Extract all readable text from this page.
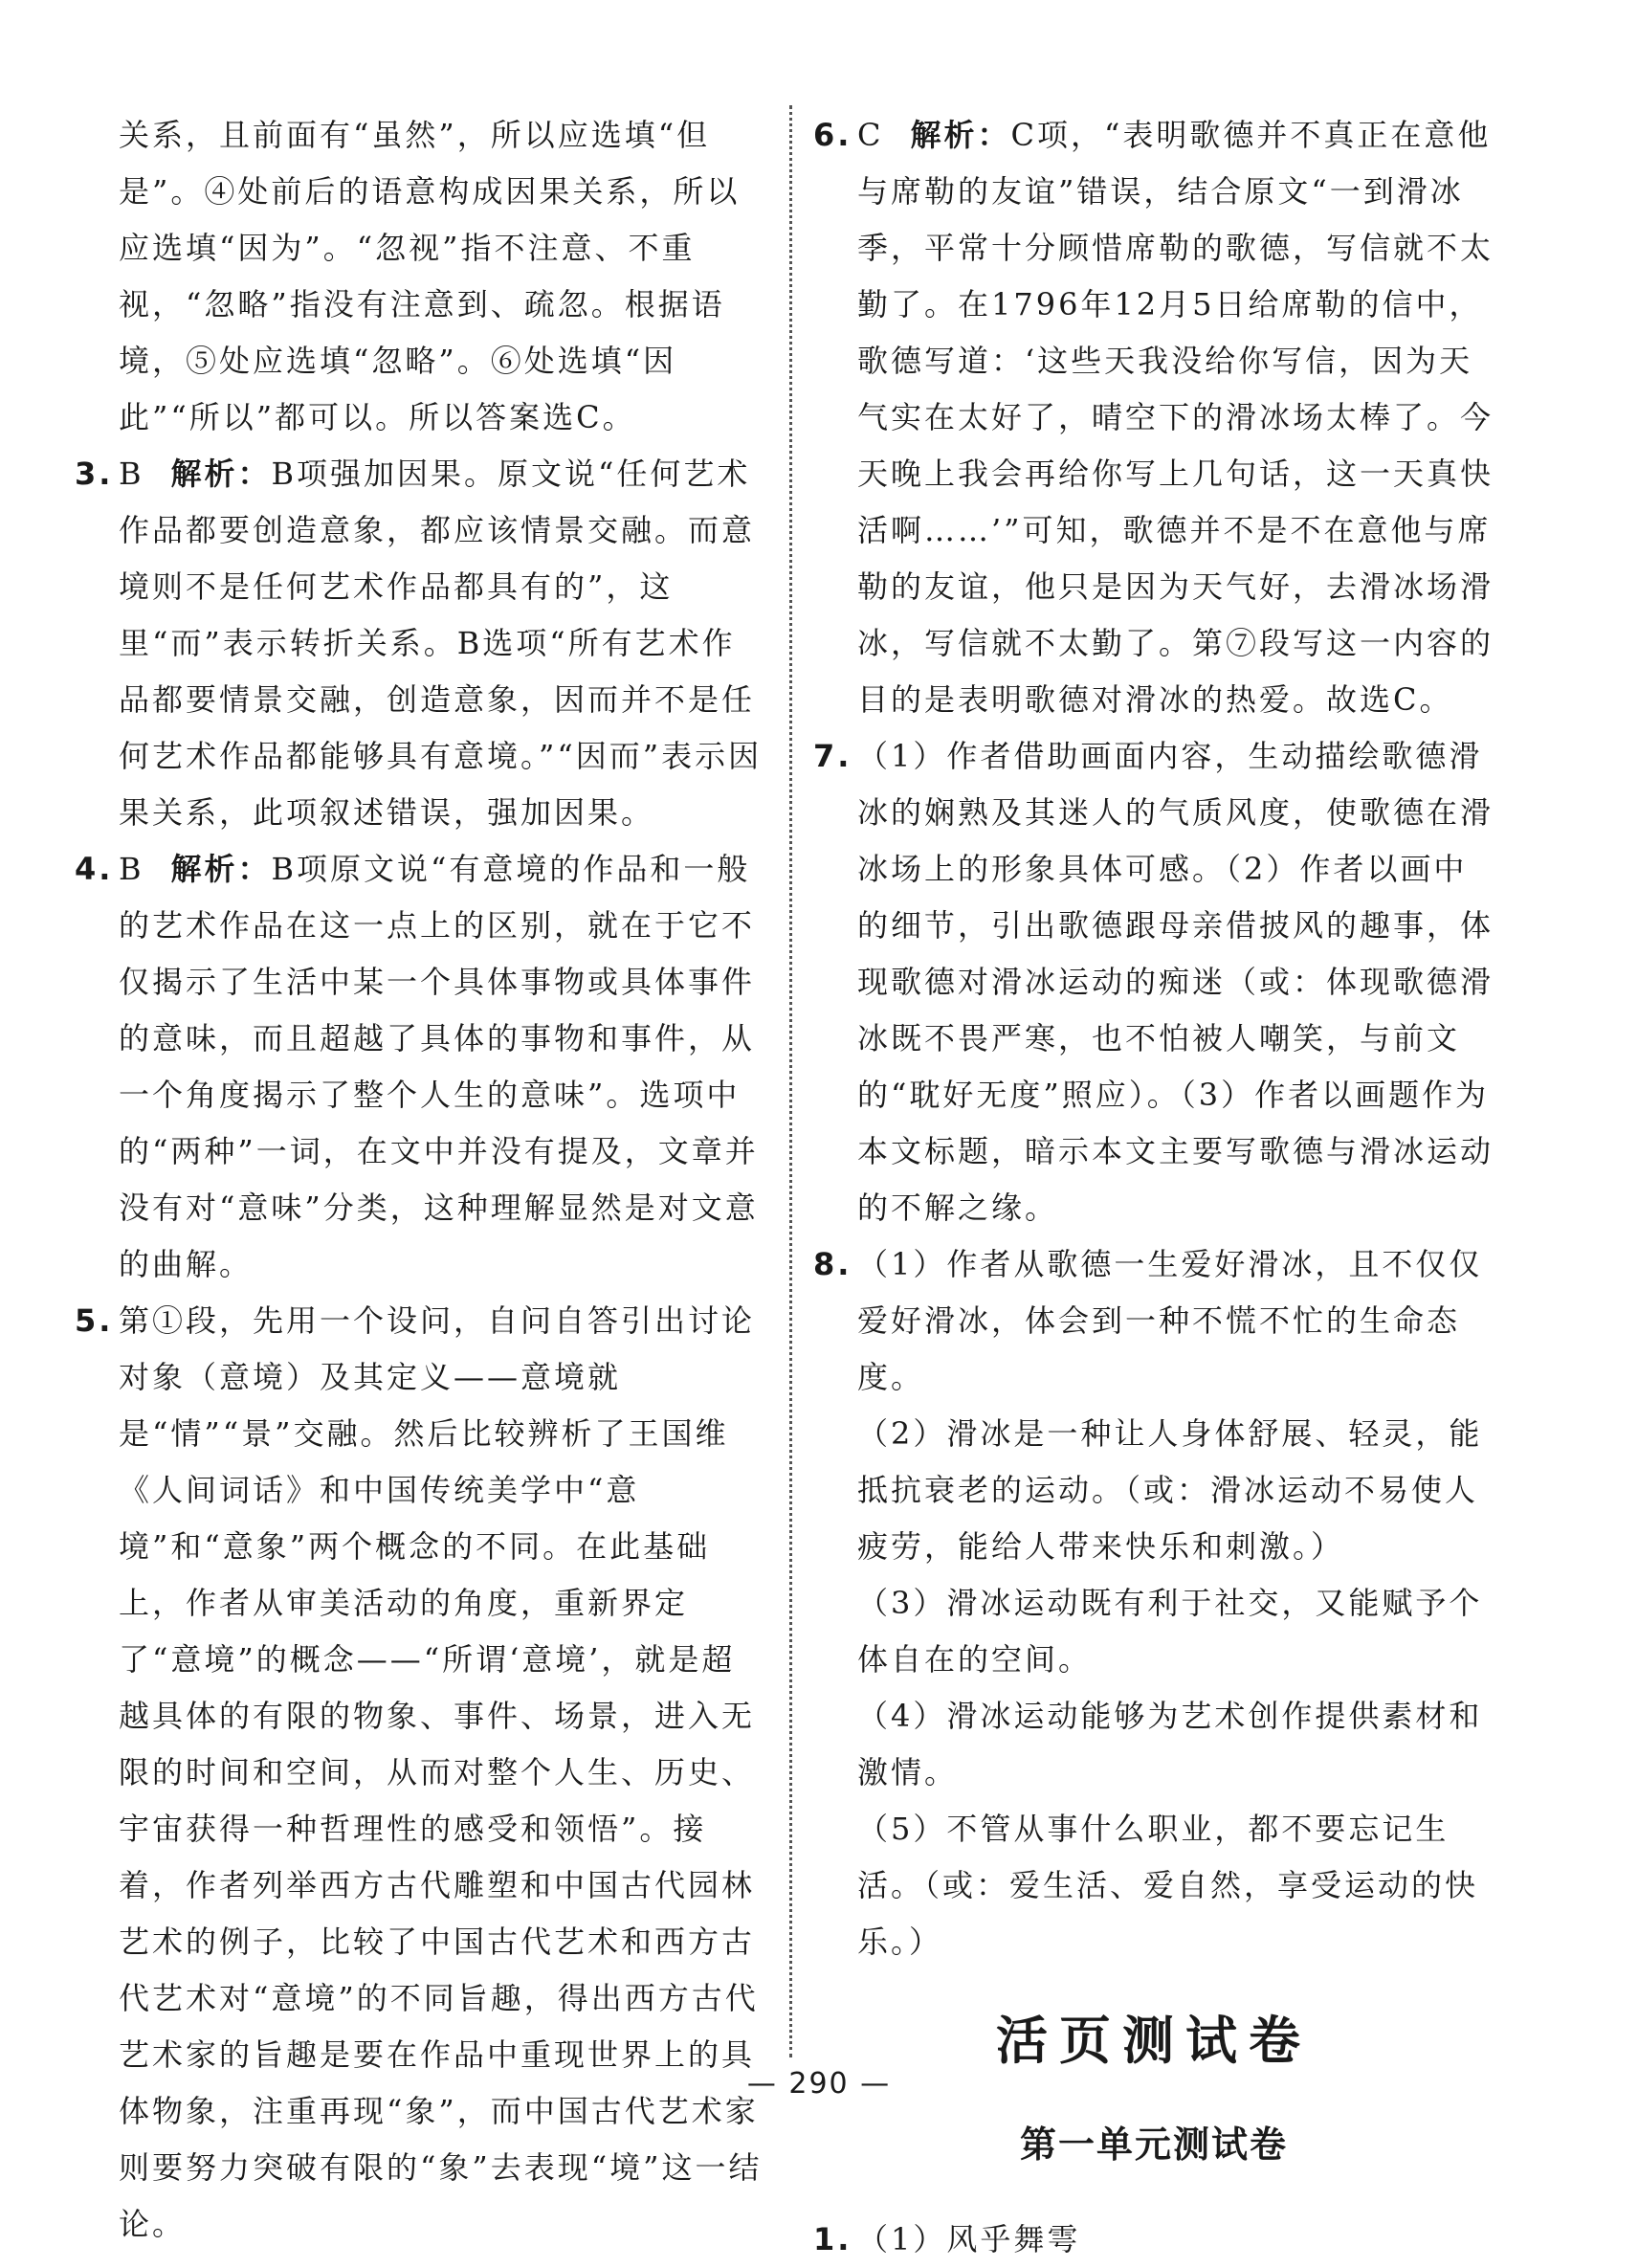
关系，且前面有“虽然”，所以应选填“但是”。④处前后的语意构成因果关系，所以应选填“因为”。“忽视”指不注意、不重视，“忽略”指没有注意到、疏忽。根据语境，⑤处应选填“忽略”。⑥处选填“因此”“所以”都可以。所以答案选C。

3. B 解析：B项强加因果。原文说“任何艺术作品都要创造意象，都应该情景交融。而意境则不是任何艺术作品都具有的”，这里“而”表示转折关系。B选项“所有艺术作品都要情景交融，创造意象，因而并不是任何艺术作品都能够具有意境。”“因而”表示因果关系，此项叙述错误，强加因果。

4. B 解析：B项原文说“有意境的作品和一般的艺术作品在这一点上的区别，就在于它不仅揭示了生活中某一个具体事物或具体事件的意味，而且超越了具体的事物和事件，从一个角度揭示了整个人生的意味”。选项中的“两种”一词，在文中并没有提及，文章并没有对“意味”分类，这种理解显然是对文意的曲解。

5. 第①段，先用一个设问，自问自答引出讨论对象（意境）及其定义——意境就是“情”“景”交融。然后比较辨析了王国维《人间词话》和中国传统美学中“意境”和“意象”两个概念的不同。在此基础上，作者从审美活动的角度，重新界定了“意境”的概念——“所谓‘意境’，就是超越具体的有限的物象、事件、场景，进入无限的时间和空间，从而对整个人生、历史、宇宙获得一种哲理性的感受和领悟”。接着，作者列举西方古代雕塑和中国古代园林艺术的例子，比较了中国古代艺术和西方古代艺术对“意境”的不同旨趣，得出西方古代艺术家的旨趣是要在作品中重现世界上的具体物象，注重再现“象”，而中国古代艺术家则要努力突破有限的“象”去表现“境”这一结论。

6. C 解析：C项，“表明歌德并不真正在意他与席勒的友谊”错误，结合原文“一到滑冰季，平常十分顾惜席勒的歌德，写信就不太勤了。在1796年12月5日给席勒的信中，歌德写道：‘这些天我没给你写信，因为天气实在太好了，晴空下的滑冰场太棒了。今天晚上我会再给你写上几句话，这一天真快活啊……’”可知，歌德并不是不在意他与席勒的友谊，他只是因为天气好，去滑冰场滑冰，写信就不太勤了。第⑦段写这一内容的目的是表明歌德对滑冰的热爱。故选C。

7. （1）作者借助画面内容，生动描绘歌德滑冰的娴熟及其迷人的气质风度，使歌德在滑冰场上的形象具体可感。（2）作者以画中的细节，引出歌德跟母亲借披风的趣事，体现歌德对滑冰运动的痴迷（或：体现歌德滑冰既不畏严寒，也不怕被人嘲笑，与前文的“耽好无度”照应）。（3）作者以画题作为本文标题，暗示本文主要写歌德与滑冰运动的不解之缘。

8. （1）作者从歌德一生爱好滑冰，且不仅仅爱好滑冰，体会到一种不慌不忙的生命态度。

（2）滑冰是一种让人身体舒展、轻灵，能抵抗衰老的运动。（或：滑冰运动不易使人疲劳，能给人带来快乐和刺激。）

（3）滑冰运动既有利于社交，又能赋予个体自在的空间。

（4）滑冰运动能够为艺术创作提供素材和激情。

（5）不管从事什么职业，都不要忘记生活。（或：爱生活、爱自然，享受运动的快乐。）

活页测试卷
第一单元测试卷

1. （1）风乎舞雩

— 290 —
